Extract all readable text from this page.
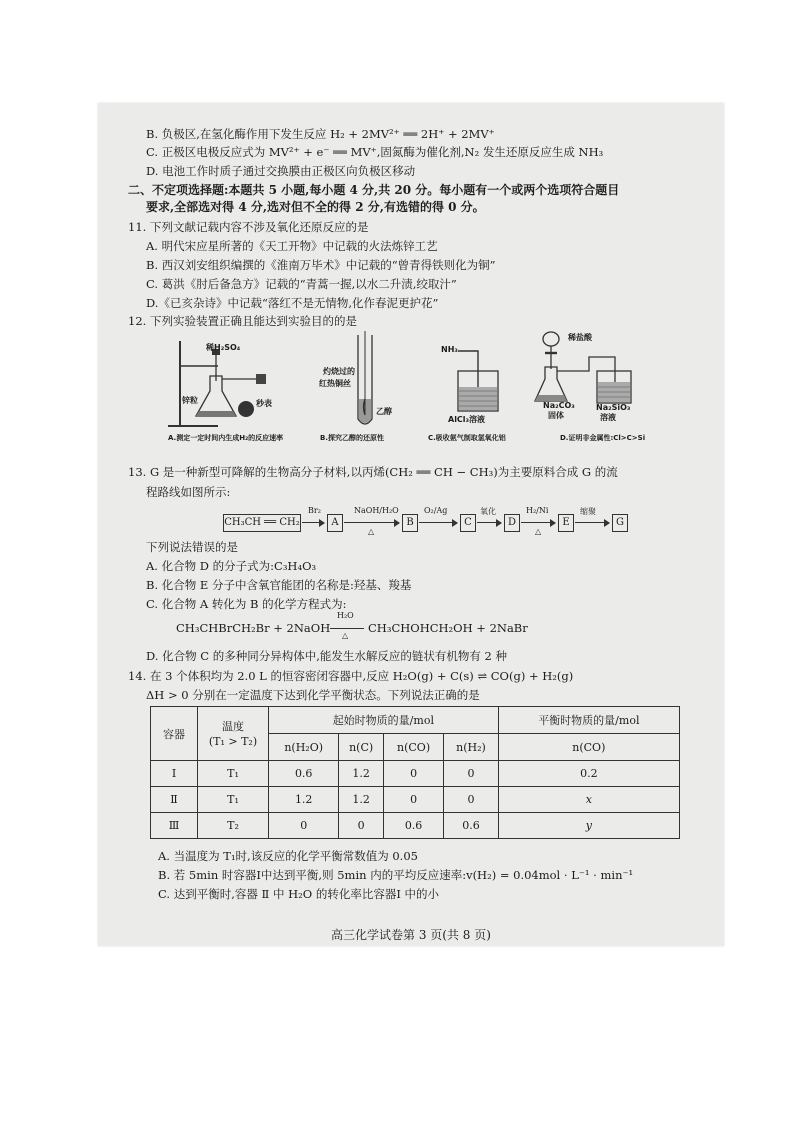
B. 负极区,在氢化酶作用下发生反应 H₂ + 2MV²⁺ ══ 2H⁺ + 2MV⁺
C. 正极区电极反应式为 MV²⁺ + e⁻ ══ MV⁺,固氮酶为催化剂,N₂ 发生还原反应生成 NH₃
D. 电池工作时质子通过交换膜由正极区向负极区移动
二、不定项选择题:本题共 5 小题,每小题 4 分,共 20 分。每小题有一个或两个选项符合题目
要求,全部选对得 4 分,选对但不全的得 2 分,有选错的得 0 分。
11. 下列文献记载内容不涉及氧化还原反应的是
A. 明代宋应星所著的《天工开物》中记载的火法炼锌工艺
B. 西汉刘安组织编撰的《淮南万毕术》中记载的“曾青得铁则化为铜”
C. 葛洪《肘后备急方》记载的“青蒿一握,以水二升渍,绞取汁”
D.《已亥杂诗》中记载“落红不是无情物,化作春泥更护花”
12. 下列实验装置正确且能达到实验目的的是
稀H₂SO₄
锌粒	秒表
灼烧过的
红热铜丝
乙醇
NH₃
AlCl₃溶液
稀盐酸
Na₂CO₃
固体
Na₂SiO₃
溶液
A.测定一定时间内生成H₂的反应速率	B.探究乙醇的还原性	C.吸收氨气制取氢氧化铝	D.证明非金属性:Cl>C>Si
13. G 是一种新型可降解的生物高分子材料,以丙烯(CH₂ ══ CH − CH₃)为主要原料合成 G 的流
程路线如图所示:
CH₃CH ══ CH₂
Br₂
A
NaOH/H₂O
△
B
O₂/Ag
C
氧化
D
H₂/Ni
△
E
缩聚
G
下列说法错误的是
A. 化合物 D 的分子式为:C₃H₄O₃
B. 化合物 E 分子中含氧官能团的名称是:羟基、羧基
C. 化合物 A 转化为 B 的化学方程式为:
CH₃CHBrCH₂Br + 2NaOH
H₂O
△
CH₃CHOHCH₂OH + 2NaBr
D. 化合物 C 的多种同分异构体中,能发生水解反应的链状有机物有 2 种
14. 在 3 个体积均为 2.0 L 的恒容密闭容器中,反应 H₂O(g) + C(s) ⇌ CO(g) + H₂(g)
ΔH > 0 分别在一定温度下达到化学平衡状态。下列说法正确的是
容器	温度
(T₁ > T₂)	起始时物质的量/mol				平衡时物质的量/mol
		n(H₂O)	n(C)	n(CO)	n(H₂)	n(CO)
Ⅰ	T₁	0.6	1.2	0	0	0.2
Ⅱ	T₁	1.2	1.2	0	0	x
Ⅲ	T₂	0	0	0.6	0.6	y
A. 当温度为 T₁时,该反应的化学平衡常数值为 0.05
B. 若 5min 时容器Ⅰ中达到平衡,则 5min 内的平均反应速率:v(H₂) = 0.04mol · L⁻¹ · min⁻¹
C. 达到平衡时,容器 Ⅱ 中 H₂O 的转化率比容器Ⅰ 中的小
高三化学试卷第 3 页(共 8 页)
